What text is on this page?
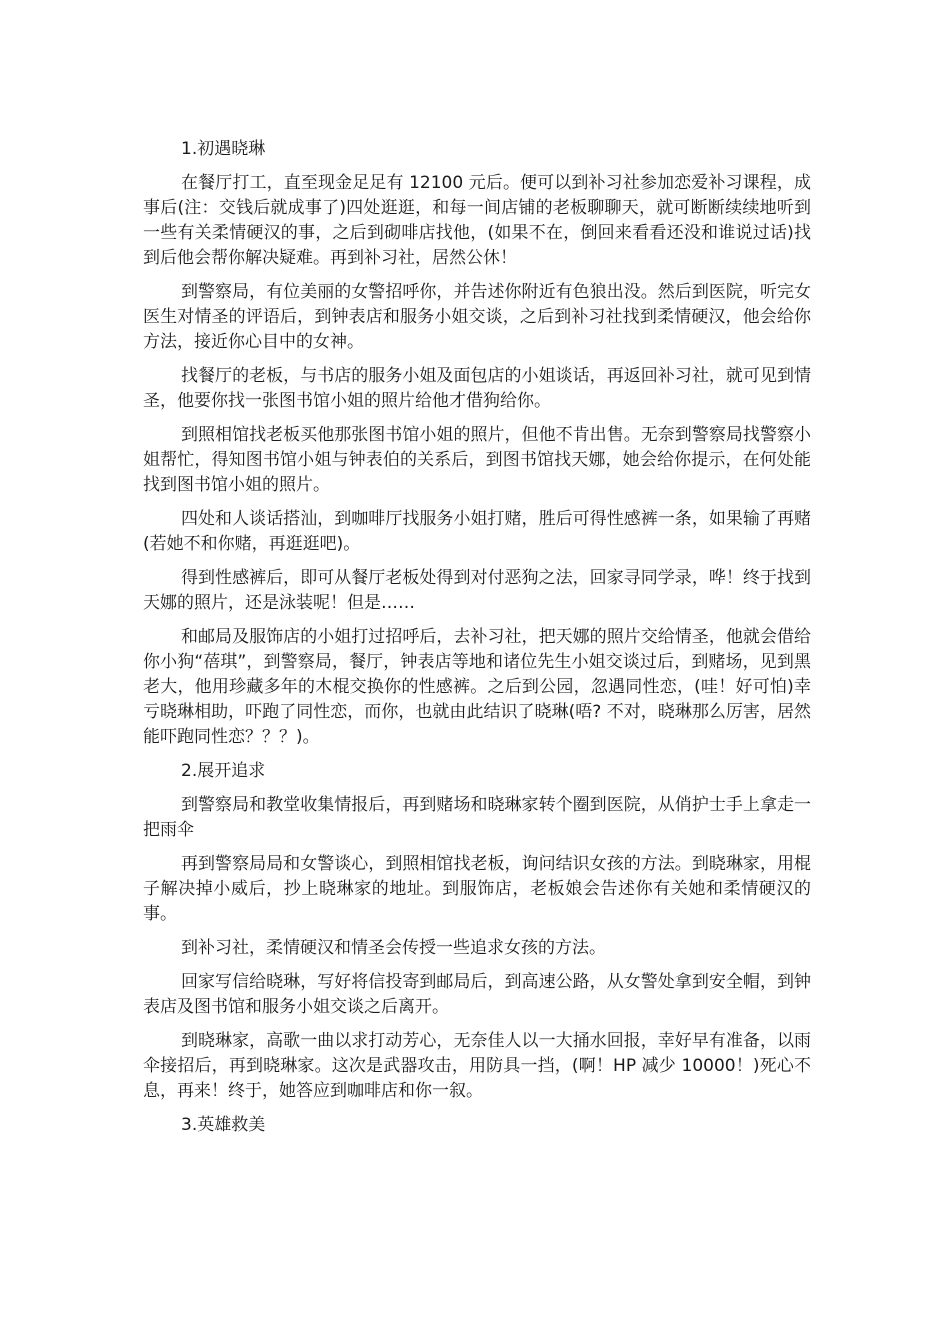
1.初遇晓琳

在餐厅打工，直至现金足足有 12100 元后。便可以到补习社参加恋爱补习课程，成事后(注：交钱后就成事了)四处逛逛，和每一间店铺的老板聊聊天，就可断断续续地听到一些有关柔情硬汉的事，之后到砌啡店找他，(如果不在，倒回来看看还没和谁说过话)找到后他会帮你解决疑难。再到补习社，居然公休！

到警察局，有位美丽的女警招呼你，并告述你附近有色狼出没。然后到医院，听完女医生对情圣的评语后，到钟表店和服务小姐交谈，之后到补习社找到柔情硬汉，他会给你方法，接近你心目中的女神。

找餐厅的老板，与书店的服务小姐及面包店的小姐谈话，再返回补习社，就可见到情圣，他要你找一张图书馆小姐的照片给他才借狗给你。

到照相馆找老板买他那张图书馆小姐的照片，但他不肯出售。无奈到警察局找警察小姐帮忙，得知图书馆小姐与钟表伯的关系后，到图书馆找天娜，她会给你提示，在何处能找到图书馆小姐的照片。

四处和人谈话搭汕，到咖啡厅找服务小姐打赌，胜后可得性感裤一条，如果输了再赌(若她不和你赌，再逛逛吧)。

得到性感裤后，即可从餐厅老板处得到对付恶狗之法，回家寻同学录，哗！终于找到天娜的照片，还是泳装呢！但是……

和邮局及服饰店的小姐打过招呼后，去补习社，把天娜的照片交给情圣，他就会借给你小狗“蓓琪”，到警察局，餐厅，钟表店等地和诸位先生小姐交谈过后，到赌场，见到黑老大，他用珍藏多年的木棍交换你的性感裤。之后到公园，忽遇同性恋，(哇！好可怕)幸亏晓琳相助，吓跑了同性恋，而你，也就由此结识了晓琳(唔? 不对，晓琳那么厉害，居然能吓跑同性恋？？？)。

2.展开追求

到警察局和教堂收集情报后，再到赌场和晓琳家转个圈到医院，从俏护士手上拿走一把雨伞

再到警察局局和女警谈心，到照相馆找老板，询问结识女孩的方法。到晓琳家，用棍子解决掉小威后，抄上晓琳家的地址。到服饰店，老板娘会告述你有关她和柔情硬汉的事。

到补习社，柔情硬汉和情圣会传授一些追求女孩的方法。

回家写信给晓琳，写好将信投寄到邮局后，到高速公路，从女警处拿到安全帽，到钟表店及图书馆和服务小姐交谈之后离开。

到晓琳家，高歌一曲以求打动芳心，无奈佳人以一大捅水回报，幸好早有准备，以雨伞接招后，再到晓琳家。这次是武器攻击，用防具一挡，(啊！HP 减少 10000！)死心不息，再来！终于，她答应到咖啡店和你一叙。

3.英雄救美
